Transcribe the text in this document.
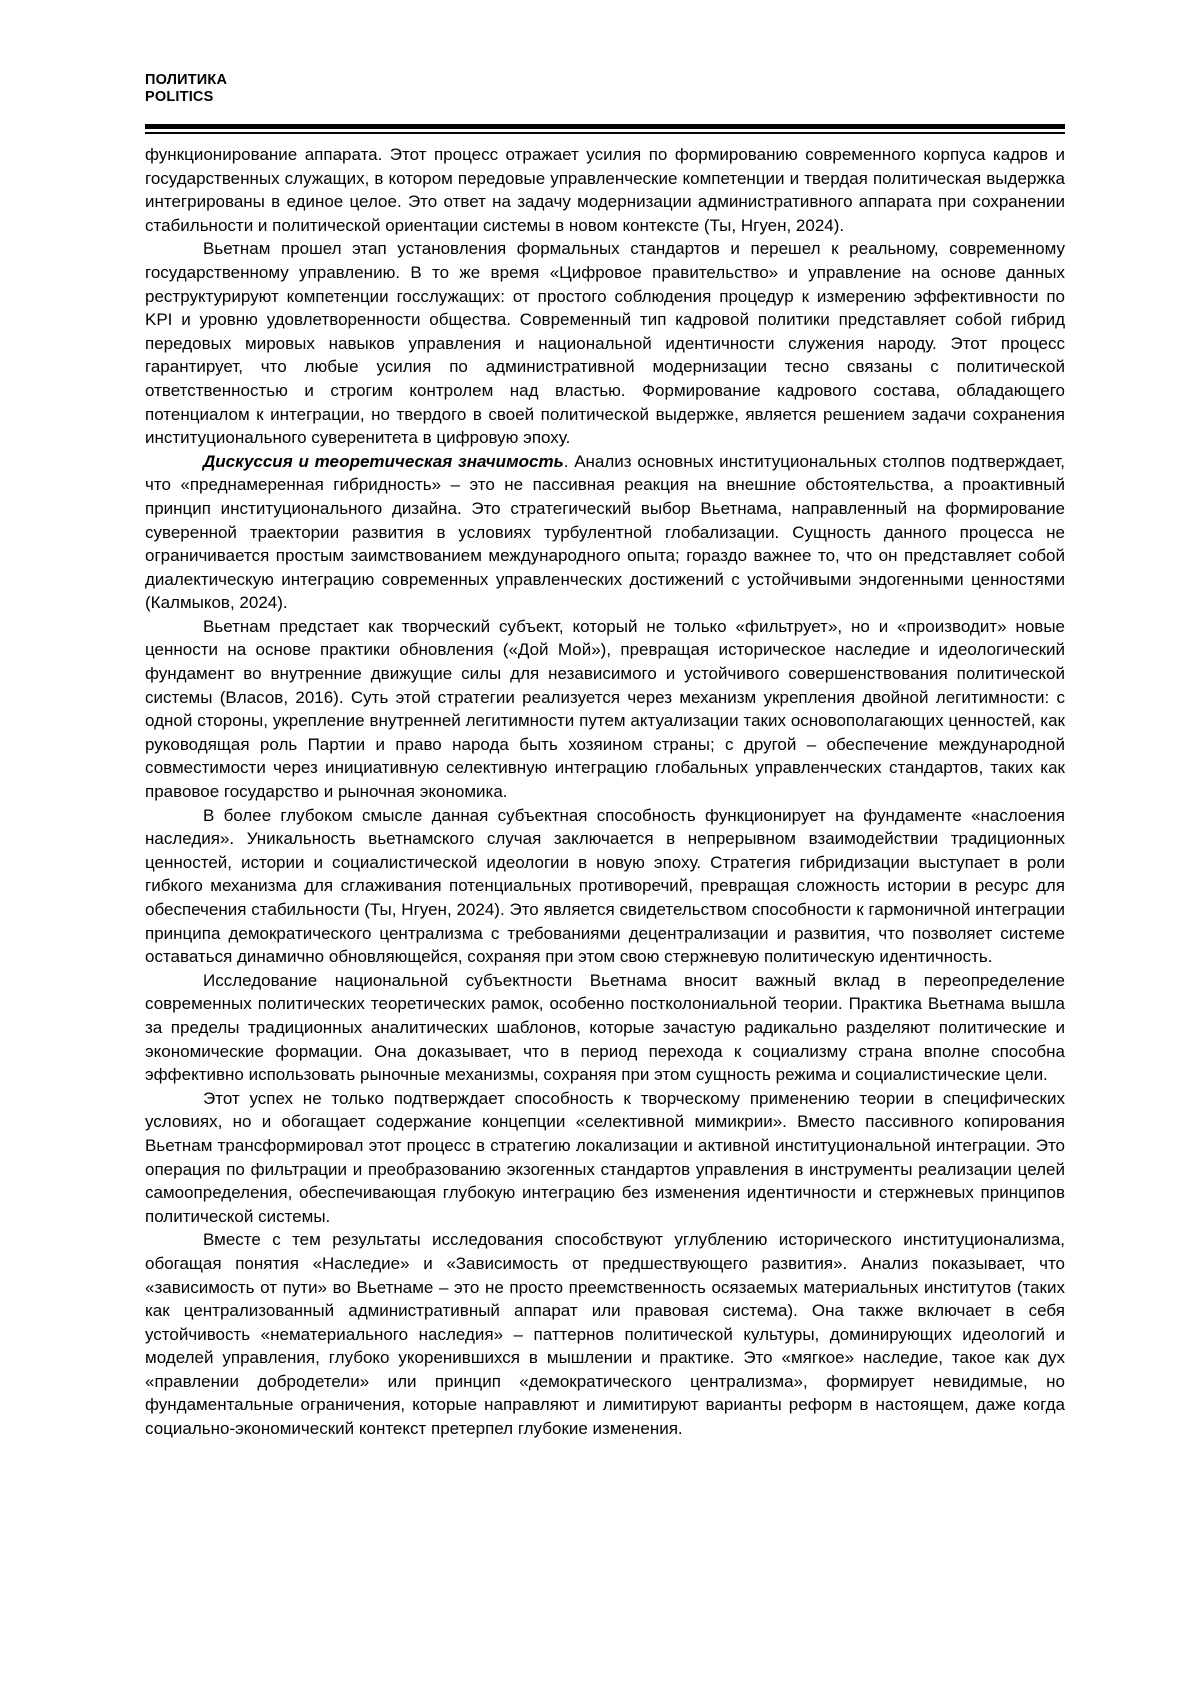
ПОЛИТИКА
POLITICS

функционирование аппарата. Этот процесс отражает усилия по формированию современного корпуса кадров и государственных служащих, в котором передовые управленческие компетенции и твердая политическая выдержка интегрированы в единое целое. Это ответ на задачу модернизации административного аппарата при сохранении стабильности и политической ориентации системы в новом контексте (Ты, Нгуен, 2024).

Вьетнам прошел этап установления формальных стандартов и перешел к реальному, современному государственному управлению. В то же время «Цифровое правительство» и управление на основе данных реструктурируют компетенции госслужащих: от простого соблюдения процедур к измерению эффективности по KPI и уровню удовлетворенности общества. Современный тип кадровой политики представляет собой гибрид передовых мировых навыков управления и национальной идентичности служения народу. Этот процесс гарантирует, что любые усилия по административной модернизации тесно связаны с политической ответственностью и строгим контролем над властью. Формирование кадрового состава, обладающего потенциалом к интеграции, но твердого в своей политической выдержке, является решением задачи сохранения институционального суверенитета в цифровую эпоху.

Дискуссия и теоретическая значимость. Анализ основных институциональных столпов подтверждает, что «преднамеренная гибридность» – это не пассивная реакция на внешние обстоятельства, а проактивный принцип институционального дизайна. Это стратегический выбор Вьетнама, направленный на формирование суверенной траектории развития в условиях турбулентной глобализации. Сущность данного процесса не ограничивается простым заимствованием международного опыта; гораздо важнее то, что он представляет собой диалектическую интеграцию современных управленческих достижений с устойчивыми эндогенными ценностями (Калмыков, 2024).

Вьетнам предстает как творческий субъект, который не только «фильтрует», но и «производит» новые ценности на основе практики обновления («Дой Мой»), превращая историческое наследие и идеологический фундамент во внутренние движущие силы для независимого и устойчивого совершенствования политической системы (Власов, 2016). Суть этой стратегии реализуется через механизм укрепления двойной легитимности: с одной стороны, укрепление внутренней легитимности путем актуализации таких основополагающих ценностей, как руководящая роль Партии и право народа быть хозяином страны; с другой – обеспечение международной совместимости через инициативную селективную интеграцию глобальных управленческих стандартов, таких как правовое государство и рыночная экономика.

В более глубоком смысле данная субъектная способность функционирует на фундаменте «наслоения наследия». Уникальность вьетнамского случая заключается в непрерывном взаимодействии традиционных ценностей, истории и социалистической идеологии в новую эпоху. Стратегия гибридизации выступает в роли гибкого механизма для сглаживания потенциальных противоречий, превращая сложность истории в ресурс для обеспечения стабильности (Ты, Нгуен, 2024). Это является свидетельством способности к гармоничной интеграции принципа демократического централизма с требованиями децентрализации и развития, что позволяет системе оставаться динамично обновляющейся, сохраняя при этом свою стержневую политическую идентичность.

Исследование национальной субъектности Вьетнама вносит важный вклад в переопределение современных политических теоретических рамок, особенно постколониальной теории. Практика Вьетнама вышла за пределы традиционных аналитических шаблонов, которые зачастую радикально разделяют политические и экономические формации. Она доказывает, что в период перехода к социализму страна вполне способна эффективно использовать рыночные механизмы, сохраняя при этом сущность режима и социалистические цели.

Этот успех не только подтверждает способность к творческому применению теории в специфических условиях, но и обогащает содержание концепции «селективной мимикрии». Вместо пассивного копирования Вьетнам трансформировал этот процесс в стратегию локализации и активной институциональной интеграции. Это операция по фильтрации и преобразованию экзогенных стандартов управления в инструменты реализации целей самоопределения, обеспечивающая глубокую интеграцию без изменения идентичности и стержневых принципов политической системы.

Вместе с тем результаты исследования способствуют углублению исторического институционализма, обогащая понятия «Наследие» и «Зависимость от предшествующего развития». Анализ показывает, что «зависимость от пути» во Вьетнаме – это не просто преемственность осязаемых материальных институтов (таких как централизованный административный аппарат или правовая система). Она также включает в себя устойчивость «нематериального наследия» – паттернов политической культуры, доминирующих идеологий и моделей управления, глубоко укоренившихся в мышлении и практике. Это «мягкое» наследие, такое как дух «правлении добродетели» или принцип «демократического централизма», формирует невидимые, но фундаментальные ограничения, которые направляют и лимитируют варианты реформ в настоящем, даже когда социально-экономический контекст претерпел глубокие изменения.
